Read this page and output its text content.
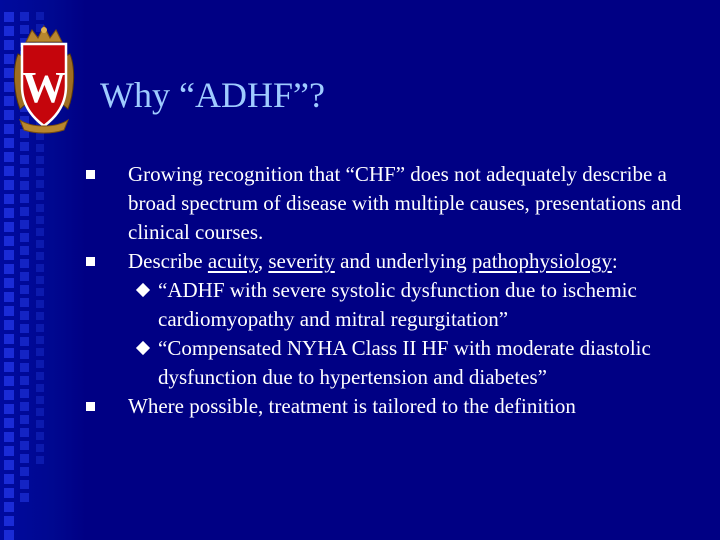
W Why “ADHF”?
Growing recognition that “CHF” does not adequately describe a broad spectrum of disease with multiple causes, presentations and clinical courses.
Describe acuity, severity and underlying pathophysiology:
“ADHF with severe systolic dysfunction due to ischemic cardiomyopathy and mitral regurgitation”
“Compensated NYHA Class II HF with moderate diastolic dysfunction due to hypertension and diabetes”
Where possible, treatment is tailored to the definition
